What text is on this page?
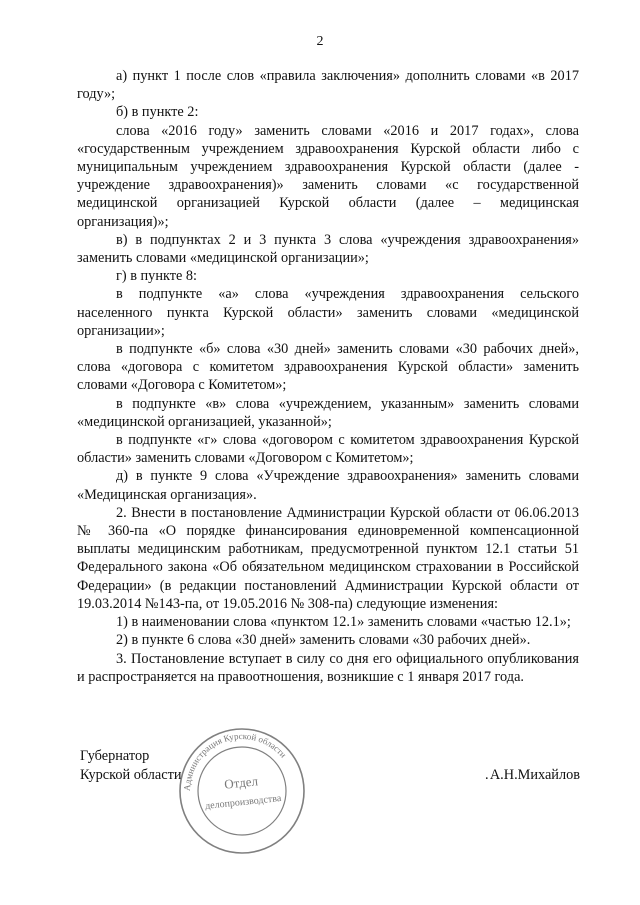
2

а) пункт 1 после слов «правила заключения» дополнить словами «в 2017 году»;

б) в пункте 2:

слова «2016 году» заменить словами «2016 и 2017 годах», слова «государственным учреждением здравоохранения Курской области либо с муниципальным учреждением здравоохранения Курской области (далее - учреждение здравоохранения)» заменить словами «с государственной медицинской организацией Курской области (далее – медицинская организация)»;

в) в подпунктах 2 и 3 пункта 3 слова «учреждения здравоохранения» заменить словами «медицинской организации»;

г) в пункте 8:

в подпункте «а» слова «учреждения здравоохранения сельского населенного пункта Курской области» заменить словами «медицинской организации»;

в подпункте «б» слова «30 дней» заменить словами «30 рабочих дней», слова «договора с комитетом здравоохранения Курской области» заменить словами «Договора с Комитетом»;

в подпункте «в» слова «учреждением, указанным» заменить словами «медицинской организацией, указанной»;

в подпункте «г» слова «договором с комитетом здравоохранения Курской области» заменить словами «Договором с Комитетом»;

д) в пункте 9 слова «Учреждение здравоохранения» заменить словами «Медицинская организация».

2. Внести в постановление Администрации Курской области от 06.06.2013 № 360-па «О порядке финансирования единовременной компенсационной выплаты медицинским работникам, предусмотренной пунктом 12.1 статьи 51 Федерального закона «Об обязательном медицинском страховании в Российской Федерации» (в редакции постановлений Администрации Курской области от 19.03.2014 №143-па, от 19.05.2016 № 308-па) следующие изменения:

1) в наименовании слова «пунктом 12.1» заменить словами «частью 12.1»;

2) в пункте 6 слова «30 дней» заменить словами «30 рабочих дней».

3. Постановление вступает в силу со дня его официального опубликования и распространяется на правоотношения, возникшие с 1 января 2017 года.

Губернатор
Курской области
Администрация Курской области
Отдел
делопроизводства
. А.Н.Михайлов
